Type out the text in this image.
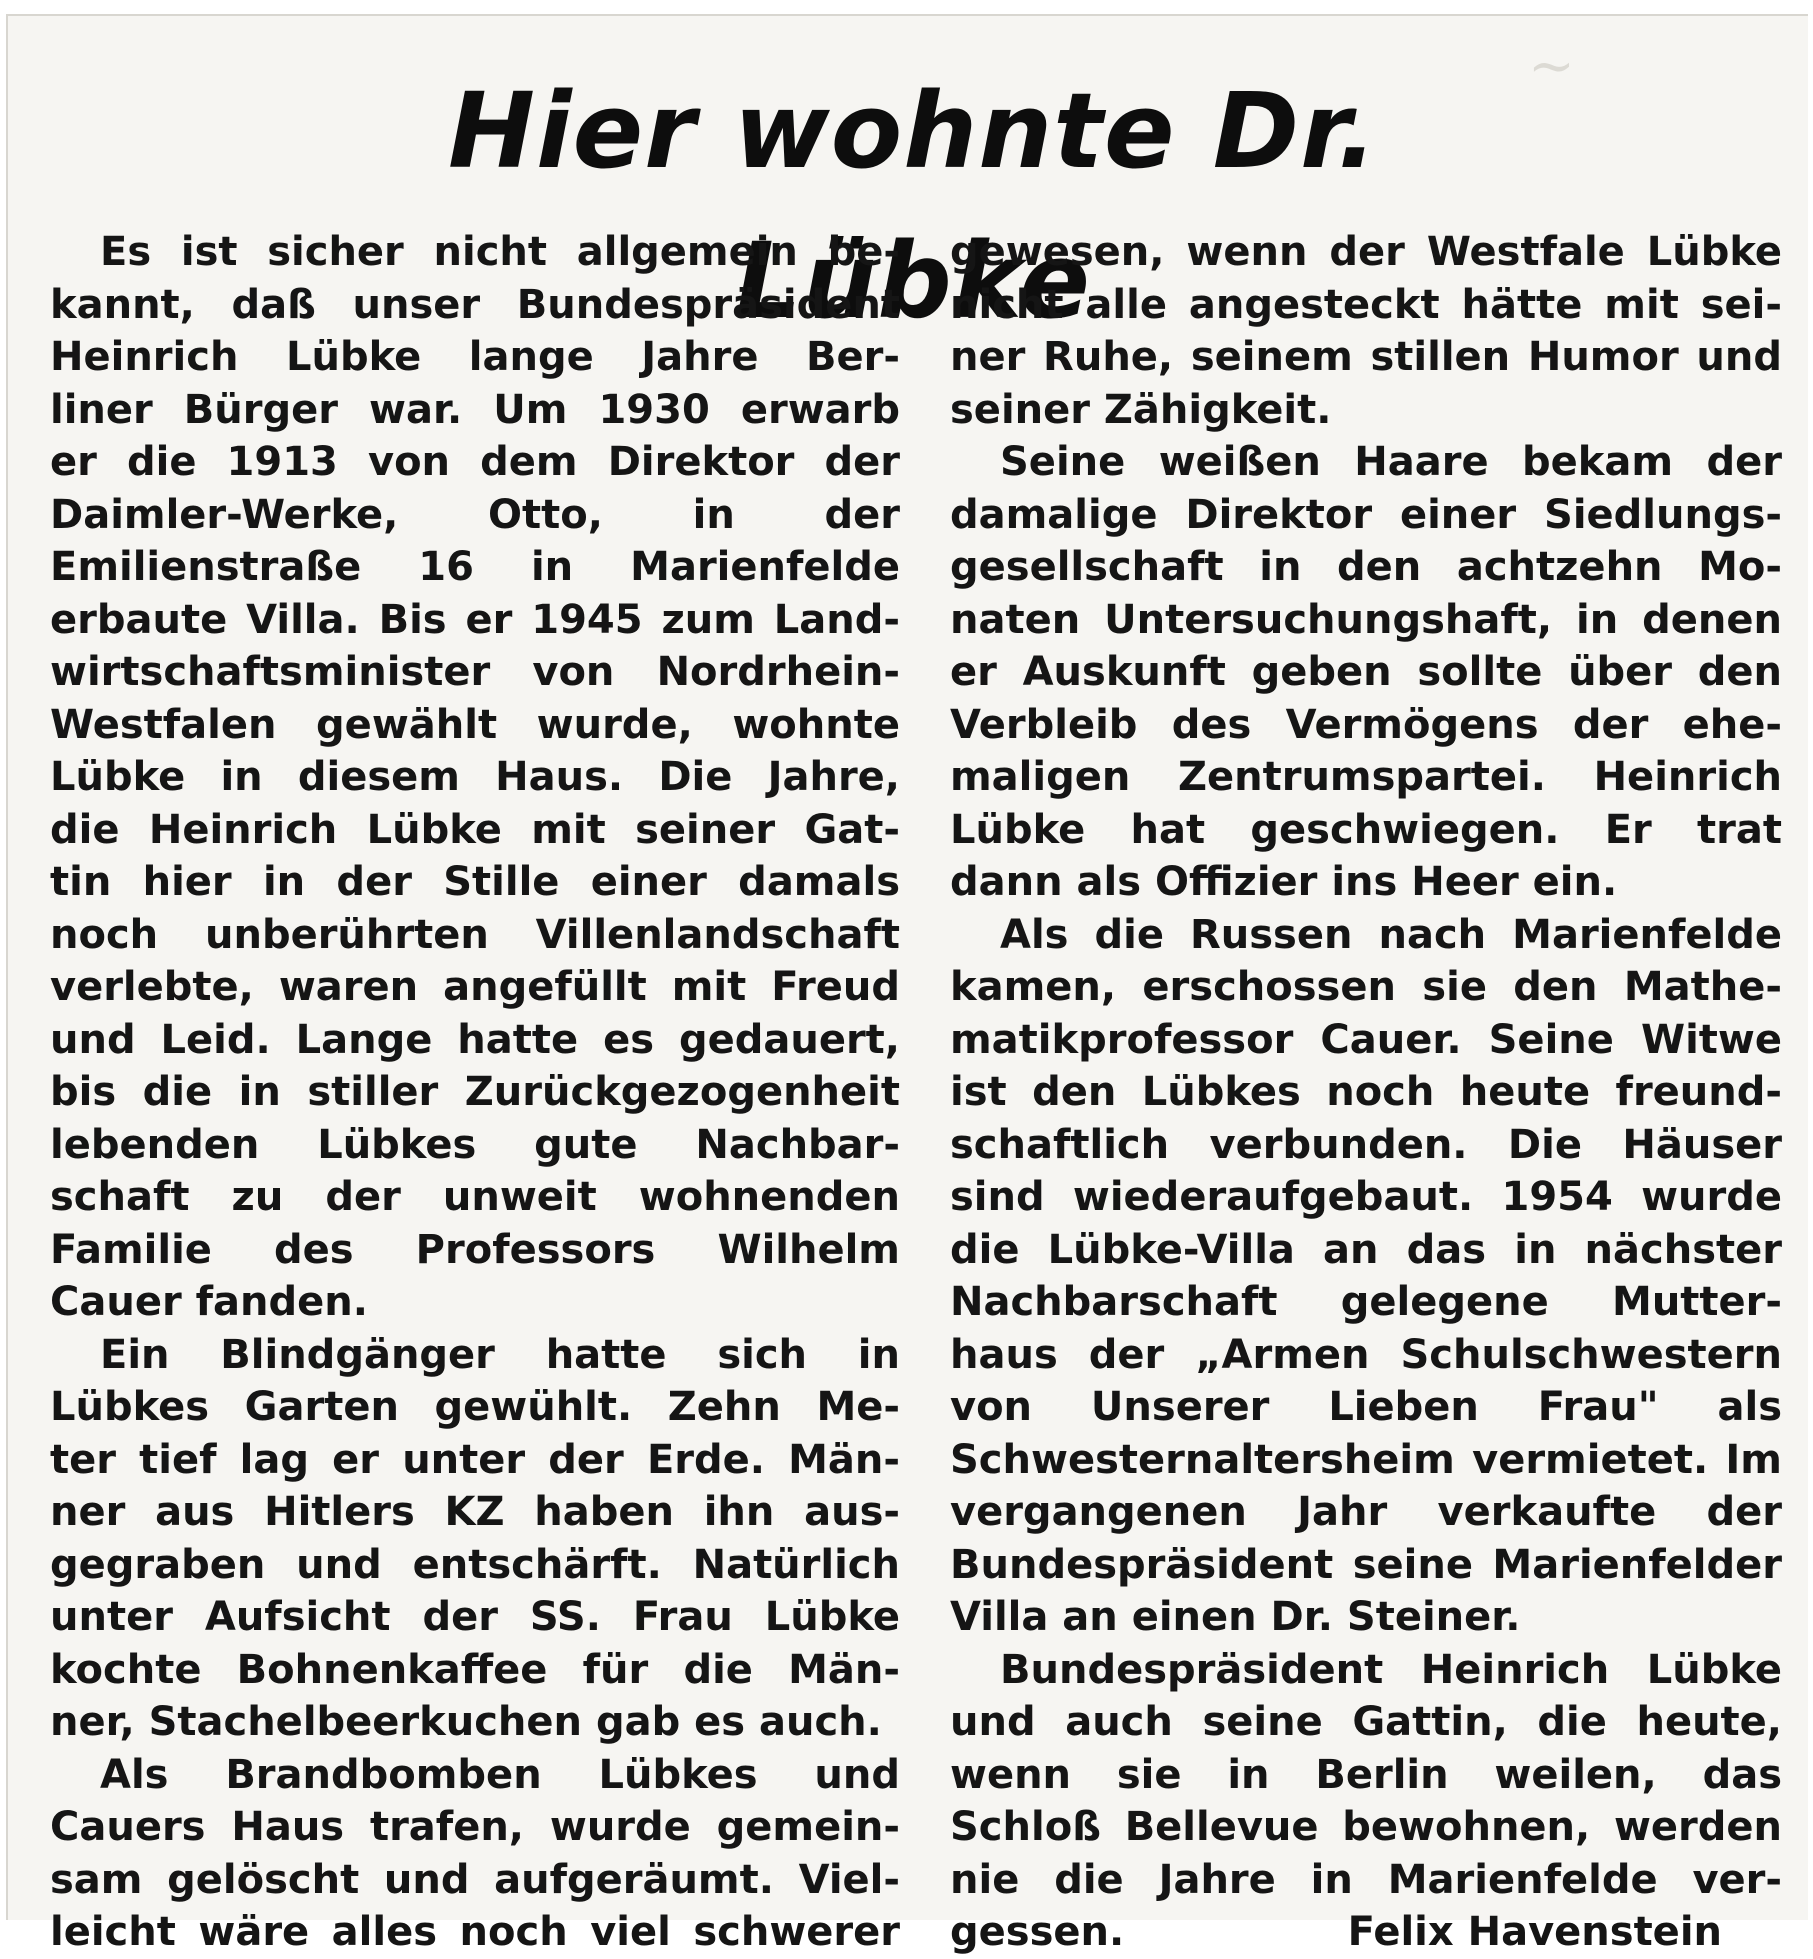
~
Hier wohnte Dr. Lübke
Es ist sicher nicht allgemein be-
kannt, daß unser Bundespräsident
Heinrich Lübke lange Jahre Ber-
liner Bürger war. Um 1930 erwarb
er die 1913 von dem Direktor der
Daimler-Werke, Otto, in der
Emilienstraße 16 in Marienfelde
erbaute Villa. Bis er 1945 zum Land-
wirtschaftsminister von Nordrhein-
Westfalen gewählt wurde, wohnte
Lübke in diesem Haus. Die Jahre,
die Heinrich Lübke mit seiner Gat-
tin hier in der Stille einer damals
noch unberührten Villenlandschaft
verlebte, waren angefüllt mit Freud
und Leid. Lange hatte es gedauert,
bis die in stiller Zurückgezogenheit
lebenden Lübkes gute Nachbar-
schaft zu der unweit wohnenden
Familie des Professors Wilhelm
Cauer fanden.
Ein Blindgänger hatte sich in
Lübkes Garten gewühlt. Zehn Me-
ter tief lag er unter der Erde. Män-
ner aus Hitlers KZ haben ihn aus-
gegraben und entschärft. Natürlich
unter Aufsicht der SS. Frau Lübke
kochte Bohnenkaffee für die Män-
ner, Stachelbeerkuchen gab es auch.
Als Brandbomben Lübkes und
Cauers Haus trafen, wurde gemein-
sam gelöscht und aufgeräumt. Viel-
leicht wäre alles noch viel schwerer
gewesen, wenn der Westfale Lübke
nicht alle angesteckt hätte mit sei-
ner Ruhe, seinem stillen Humor und
seiner Zähigkeit.
Seine weißen Haare bekam der
damalige Direktor einer Siedlungs-
gesellschaft in den achtzehn Mo-
naten Untersuchungshaft, in denen
er Auskunft geben sollte über den
Verbleib des Vermögens der ehe-
maligen Zentrumspartei. Heinrich
Lübke hat geschwiegen. Er trat
dann als Offizier ins Heer ein.
Als die Russen nach Marienfelde
kamen, erschossen sie den Mathe-
matikprofessor Cauer. Seine Witwe
ist den Lübkes noch heute freund-
schaftlich verbunden. Die Häuser
sind wiederaufgebaut. 1954 wurde
die Lübke-Villa an das in nächster
Nachbarschaft gelegene Mutter-
haus der „Armen Schulschwestern
von Unserer Lieben Frau" als
Schwesternaltersheim vermietet. Im
vergangenen Jahr verkaufte der
Bundespräsident seine Marienfelder
Villa an einen Dr. Steiner.
Bundespräsident Heinrich Lübke
und auch seine Gattin, die heute,
wenn sie in Berlin weilen, das
Schloß Bellevue bewohnen, werden
nie die Jahre in Marienfelde ver-
gessen.	Felix Havenstein
